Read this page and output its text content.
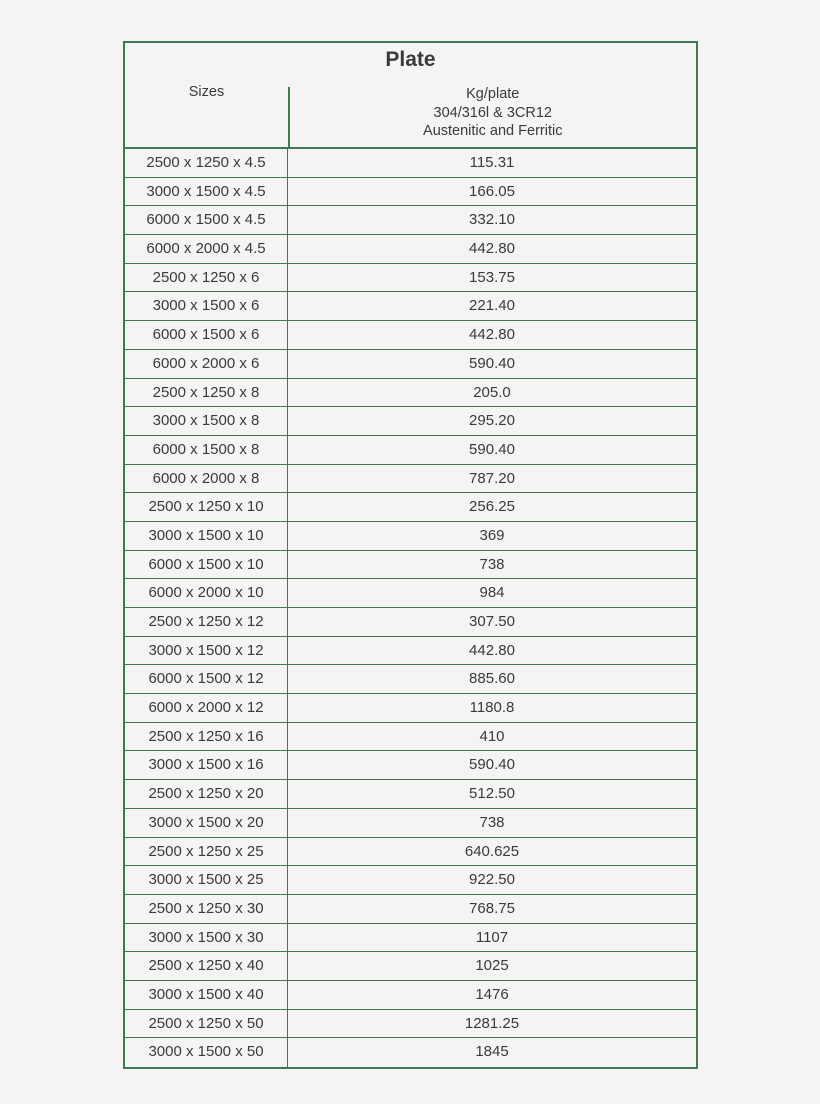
Plate
Sizes	Kg/plate
304/316l & 3CR12
Austenitic and Ferritic
2500 x 1250 x 4.5	115.31
3000 x 1500 x 4.5	166.05
6000 x 1500 x 4.5	332.10
6000 x 2000 x 4.5	442.80
2500 x 1250 x 6	153.75
3000 x 1500 x 6	221.40
6000 x 1500 x 6	442.80
6000 x 2000 x 6	590.40
2500 x 1250 x 8	205.0
3000 x 1500 x 8	295.20
6000 x 1500 x 8	590.40
6000 x 2000 x 8	787.20
2500 x 1250 x 10	256.25
3000 x 1500 x 10	369
6000 x 1500 x 10	738
6000 x 2000 x 10	984
2500 x 1250 x 12	307.50
3000 x 1500 x 12	442.80
6000 x 1500 x 12	885.60
6000 x 2000 x 12	1180.8
2500 x 1250 x 16	410
3000 x 1500 x 16	590.40
2500 x 1250 x 20	512.50
3000 x 1500 x 20	738
2500 x 1250 x 25	640.625
3000 x 1500 x 25	922.50
2500 x 1250 x 30	768.75
3000 x 1500 x 30	1107
2500 x 1250 x 40	1025
3000 x 1500 x 40	1476
2500 x 1250 x 50	1281.25
3000 x 1500 x 50	1845
